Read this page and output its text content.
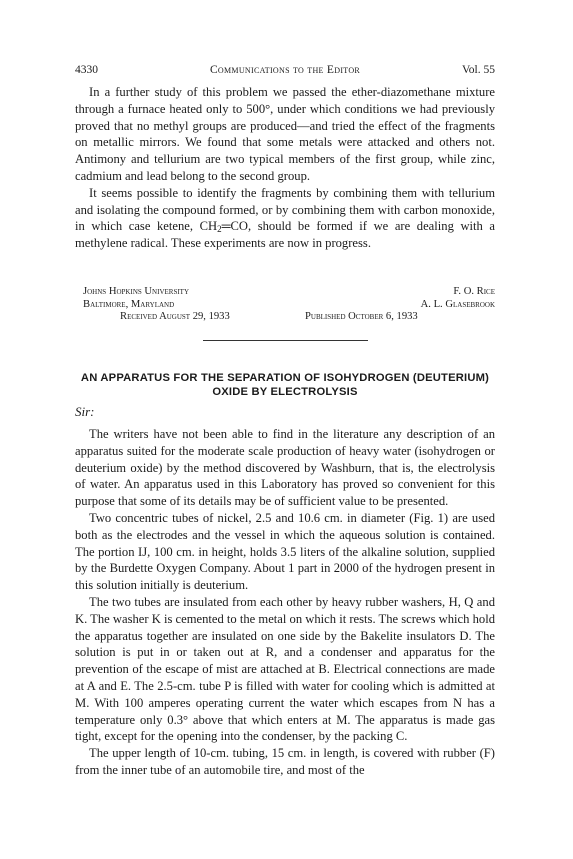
4330	Communications to the Editor	Vol. 55

In a further study of this problem we passed the ether-diazomethane mixture through a furnace heated only to 500°, under which conditions we had previously proved that no methyl groups are produced—and tried the effect of the fragments on metallic mirrors. We found that some metals were attacked and others not. Antimony and tellurium are two typical members of the first group, while zinc, cadmium and lead belong to the second group.

It seems possible to identify the fragments by combining them with tellurium and isolating the compound formed, or by combining them with carbon monoxide, in which case ketene, $CH_2═CO$, should be formed if we are dealing with a methylene radical. These experiments are now in progress.

Johns Hopkins University	F. O. Rice
Baltimore, Maryland	A. L. Glasebrook
Received August 29, 1933	Published October 6, 1933
AN APPARATUS FOR THE SEPARATION OF ISOHYDROGEN (DEUTERIUM)
OXIDE BY ELECTROLYSIS
Sir:

The writers have not been able to find in the literature any description of an apparatus suited for the moderate scale production of heavy water (isohydrogen or deuterium oxide) by the method discovered by Washburn, that is, the electrolysis of water. An apparatus used in this Laboratory has proved so convenient for this purpose that some of its details may be of sufficient value to be presented.

Two concentric tubes of nickel, 2.5 and 10.6 cm. in diameter (Fig. 1) are used both as the electrodes and the vessel in which the aqueous solution is contained. The portion IJ, 100 cm. in height, holds 3.5 liters of the alkaline solution, supplied by the Burdette Oxygen Company. About 1 part in 2000 of the hydrogen present in this solution initially is deuterium.

The two tubes are insulated from each other by heavy rubber washers, H, Q and K. The washer K is cemented to the metal on which it rests. The screws which hold the apparatus together are insulated on one side by the Bakelite insulators D. The solution is put in or taken out at R, and a condenser and apparatus for the prevention of the escape of mist are attached at B. Electrical connections are made at A and E. The 2.5-cm. tube P is filled with water for cooling which is admitted at M. With 100 amperes operating current the water which escapes from N has a temperature only 0.3° above that which enters at M. The apparatus is made gas tight, except for the opening into the condenser, by the packing C.

The upper length of 10-cm. tubing, 15 cm. in length, is covered with rubber (F) from the inner tube of an automobile tire, and most of the
